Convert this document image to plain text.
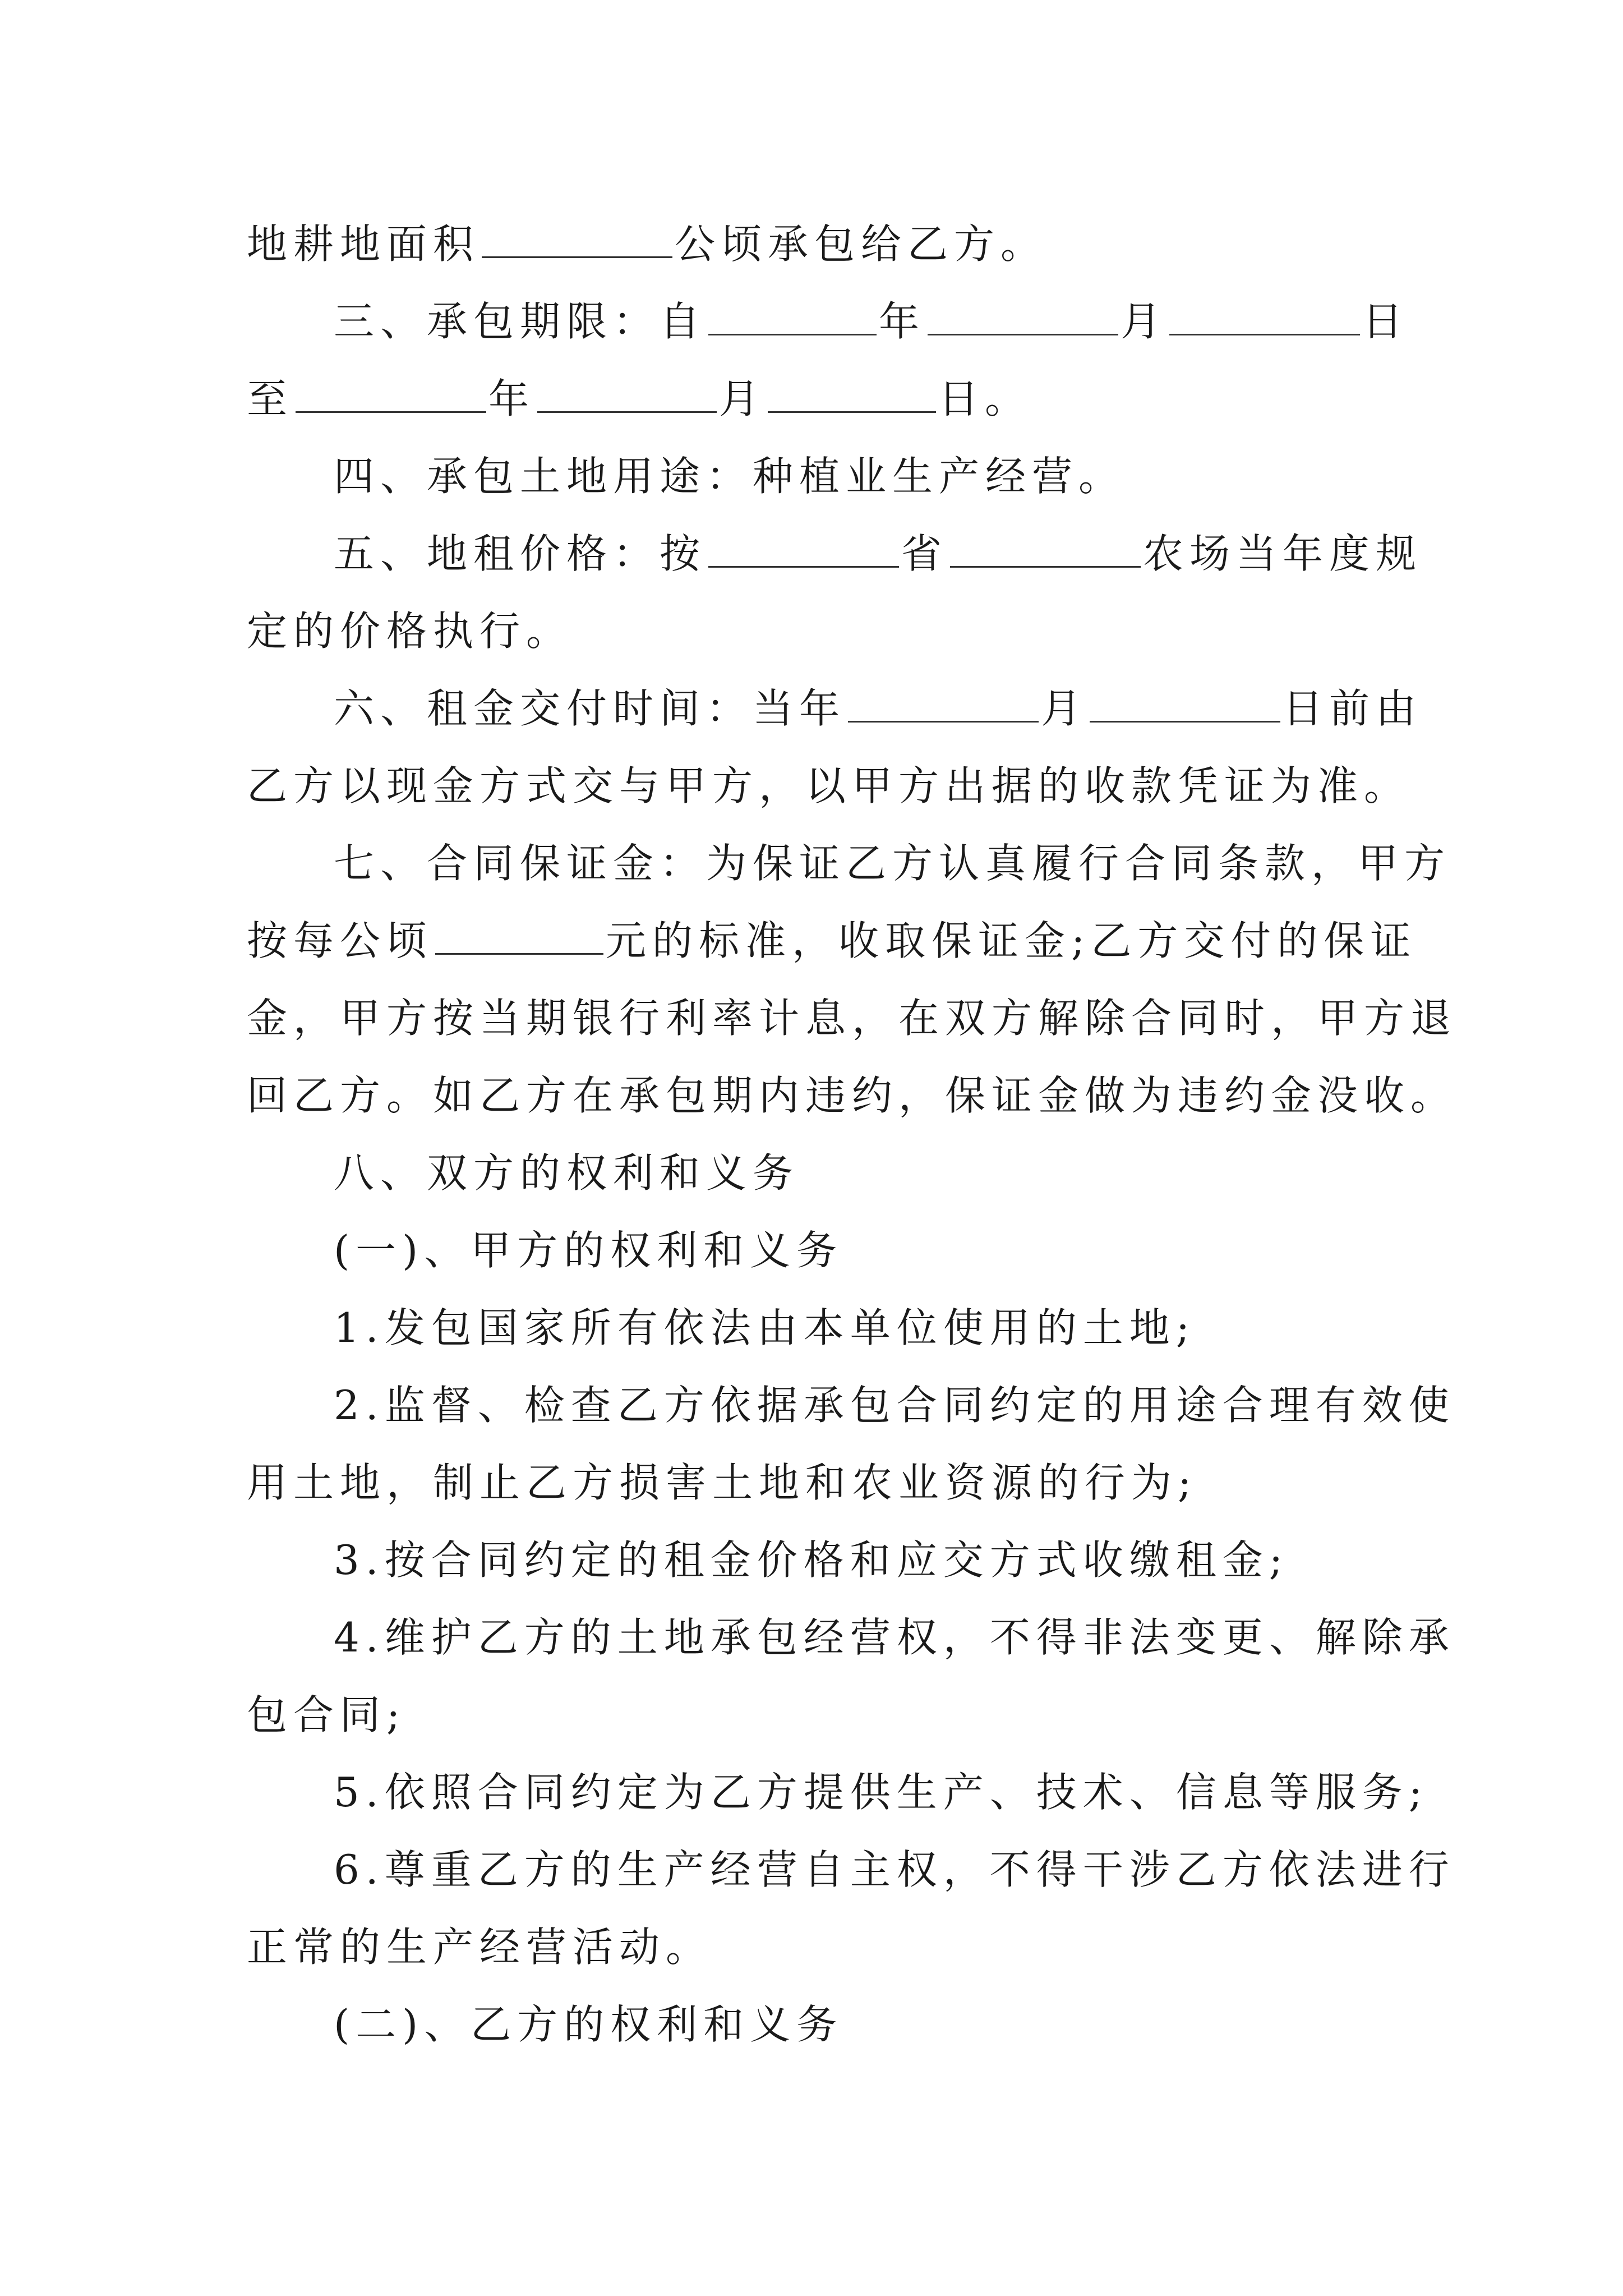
地耕地面积	公顷承包给乙方。
三、承包期限：自	年	月	日
至	年	月	日。
四、承包土地用途：种植业生产经营。
五、地租价格：按	省	农场当年度规
定的价格执行。
六、租金交付时间：当年	月	日前由
乙方以现金方式交与甲方，以甲方出据的收款凭证为准。
七、合同保证金：为保证乙方认真履行合同条款，甲方
按每公顷	元的标准，收取保证金;乙方交付的保证
金，甲方按当期银行利率计息，在双方解除合同时，甲方退
回乙方。如乙方在承包期内违约，保证金做为违约金没收。
八、双方的权利和义务
(一)、甲方的权利和义务
1.发包国家所有依法由本单位使用的土地;
2.监督、检查乙方依据承包合同约定的用途合理有效使
用土地，制止乙方损害土地和农业资源的行为;
3.按合同约定的租金价格和应交方式收缴租金;
4.维护乙方的土地承包经营权，不得非法变更、解除承
包合同;
5.依照合同约定为乙方提供生产、技术、信息等服务;
6.尊重乙方的生产经营自主权，不得干涉乙方依法进行
正常的生产经营活动。
(二)、乙方的权利和义务
